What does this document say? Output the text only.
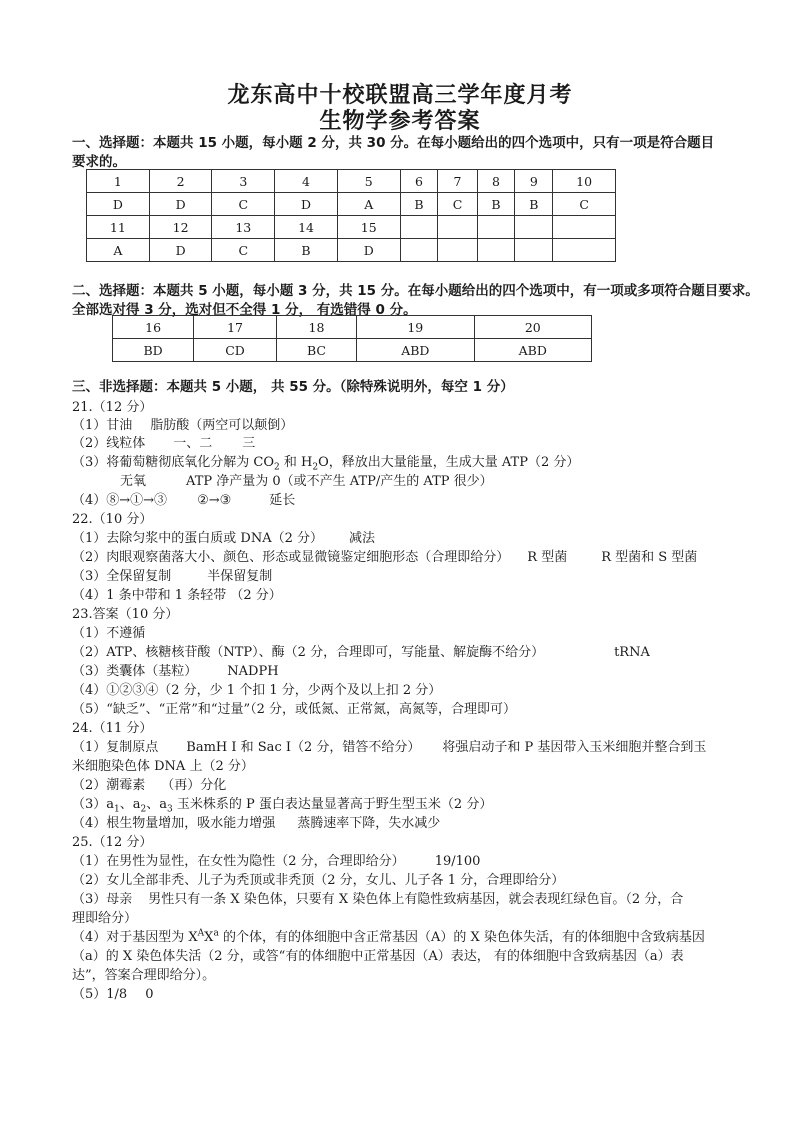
龙东高中十校联盟高三学年度月考
生物学参考答案
一、选择题：本题共 15 小题，每小题 2 分，共 30 分。在每小题给出的四个选项中，只有一项是符合题目
要求的。
1	2	3	4	5	6	7	8	9	10
D	D	C	D	A	B	C	B	B	C
11	12	13	14	15					
A	D	C	B	D					
二、选择题：本题共 5 小题，每小题 3 分，共 15 分。在每小题给出的四个选项中，有一项或多项符合题目要求。
全部选对得 3 分，选对但不全得 1 分， 有选错得 0 分。
16	17	18	19	20
BD	CD	BC	ABD	ABD
三、非选择题：本题共 5 小题， 共 55 分。（除特殊说明外，每空 1 分）
21.（12 分）
（1）甘油 脂肪酸（两空可以颠倒）
（2）线粒体 一、二 三
（3）将葡萄糖彻底氧化分解为 $CO_2$ 和 $H_2O$，释放出大量能量，生成大量 ATP（2 分）
无氧	ATP 净产量为 0（或不产生 ATP/产生的 ATP 很少）
（4）⑧→①→③ ②→③	延长
22.（10 分）
（1）去除匀浆中的蛋白质或 DNA（2 分） 减法
（2）肉眼观察菌落大小、颜色、形态或显微镜鉴定细胞形态（合理即给分） R 型菌	R 型菌和 S 型菌
（3）全保留复制	半保留复制
（4）1 条中带和 1 条轻带 （2 分）
23.答案（10 分）
（1）不遵循
（2）ATP、核糖核苷酸（NTP）、酶（2 分，合理即可，写能量、解旋酶不给分）	tRNA
（3）类囊体（基粒） NADPH
（4）①②③④（2 分，少 1 个扣 1 分，少两个及以上扣 2 分）
（5）“缺乏”、“正常”和“过量”（2 分，或低氮、正常氮，高氮等，合理即可）
24.（11 分）
（1）复制原点 BamH I 和 Sac I（2 分，错答不给分） 将强启动子和 P 基因带入玉米细胞并整合到玉
米细胞染色体 DNA 上（2 分）
（2）潮霉素 （再）分化
$(3)a_1$、$a_2$、$a_3$ 玉米株系的 P 蛋白表达量显著高于野生型玉米（2 分）
（4）根生物量增加，吸水能力增强 蒸腾速率下降，失水减少
25.（12 分）
（1）在男性为显性，在女性为隐性（2 分，合理即给分） 19/100
（2）女儿全部非秃、儿子为秃顶或非秃顶（2 分，女儿、儿子各 1 分，合理即给分）
（3）母亲 男性只有一条 X 染色体，只要有 X 染色体上有隐性致病基因，就会表现红绿色盲。（2 分，合
理即给分）
（4）对于基因型为 $X^AX^a$ 的个体，有的体细胞中含正常基因（A）的 X 染色体失活，有的体细胞中含致病基因
（a）的 X 染色体失活（2 分，或答“有的体细胞中正常基因（A）表达， 有的体细胞中含致病基因（a）表
达”，答案合理即给分）。
（5）1/8 0
